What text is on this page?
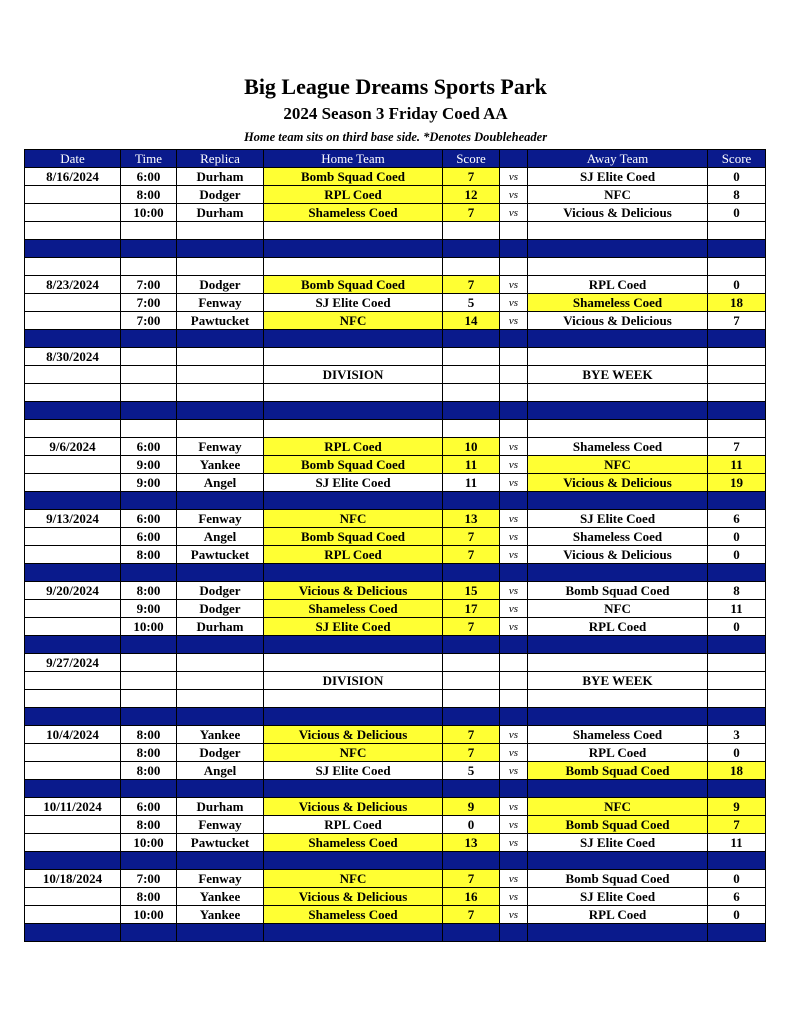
Big League Dreams Sports Park
2024 Season 3 Friday Coed AA
Home team sits on third base side. *Denotes Doubleheader
Date	Time	Replica	Home Team	Score		Away Team	Score
8/16/2024	6:00	Durham	Bomb Squad Coed	7	vs	SJ Elite Coed	0
	8:00	Dodger	RPL Coed	12	vs	NFC	8
	10:00	Durham	Shameless Coed	7	vs	Vicious & Delicious	0

8/23/2024	7:00	Dodger	Bomb Squad Coed	7	vs	RPL Coed	0
	7:00	Fenway	SJ Elite Coed	5	vs	Shameless Coed	18
	7:00	Pawtucket	NFC	14	vs	Vicious & Delicious	7

8/30/2024							
			DIVISION			BYE WEEK	

9/6/2024	6:00	Fenway	RPL Coed	10	vs	Shameless Coed	7
	9:00	Yankee	Bomb Squad Coed	11	vs	NFC	11
	9:00	Angel	SJ Elite Coed	11	vs	Vicious & Delicious	19

9/13/2024	6:00	Fenway	NFC	13	vs	SJ Elite Coed	6
	6:00	Angel	Bomb Squad Coed	7	vs	Shameless Coed	0
	8:00	Pawtucket	RPL Coed	7	vs	Vicious & Delicious	0

9/20/2024	8:00	Dodger	Vicious & Delicious	15	vs	Bomb Squad Coed	8
	9:00	Dodger	Shameless Coed	17	vs	NFC	11
	10:00	Durham	SJ Elite Coed	7	vs	RPL Coed	0

9/27/2024							
			DIVISION			BYE WEEK	

10/4/2024	8:00	Yankee	Vicious & Delicious	7	vs	Shameless Coed	3
	8:00	Dodger	NFC	7	vs	RPL Coed	0
	8:00	Angel	SJ Elite Coed	5	vs	Bomb Squad Coed	18

10/11/2024	6:00	Durham	Vicious & Delicious	9	vs	NFC	9
	8:00	Fenway	RPL Coed	0	vs	Bomb Squad Coed	7
	10:00	Pawtucket	Shameless Coed	13	vs	SJ Elite Coed	11

10/18/2024	7:00	Fenway	NFC	7	vs	Bomb Squad Coed	0
	8:00	Yankee	Vicious & Delicious	16	vs	SJ Elite Coed	6
	10:00	Yankee	Shameless Coed	7	vs	RPL Coed	0
